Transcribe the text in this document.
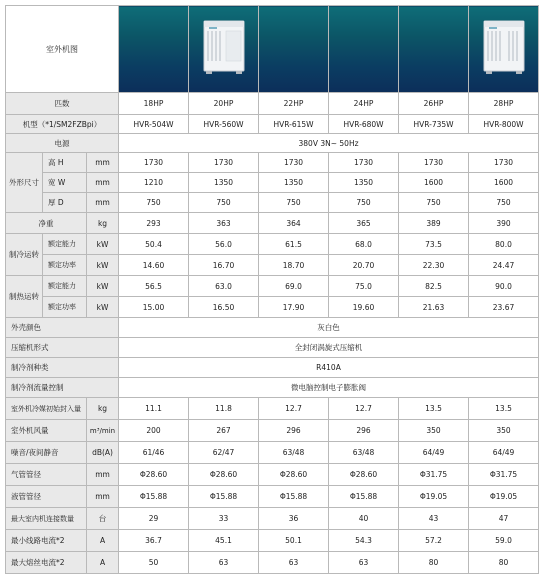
室外机图		

匹数			18HP	20HP	22HP	24HP	26HP	28HP
机型（*1/SM2FZBpi）			HVR-504W	HVR-560W	HVR-615W	HVR-680W	HVR-735W	HVR-800W
电源			380V 3N~ 50Hz					
外形尺寸	高 H	mm	1730	1730	1730	1730	1730	1730
	宽 W	mm	1210	1350	1350	1350	1600	1600
	厚 D	mm	750	750	750	750	750	750
净重		kg	293	363	364	365	389	390
制冷运转	额定能力	kW	50.4	56.0	61.5	68.0	73.5	80.0
	额定功率	kW	14.60	16.70	18.70	20.70	22.30	24.47
制热运转	额定能力	kW	56.5	63.0	69.0	75.0	82.5	90.0
	额定功率	kW	15.00	16.50	17.90	19.60	21.63	23.67
外壳颜色			灰白色					
压缩机形式			全封闭涡旋式压缩机					
制冷剂种类			R410A					
制冷剂流量控制			微电脑控制电子膨胀阀					
室外机冷媒初始封入量		kg	11.1	11.8	12.7	12.7	13.5	13.5
室外机风量		m³/min	200	267	296	296	350	350
噪音/夜间静音		dB(A)	61/46	62/47	63/48	63/48	64/49	64/49
气管管径		mm	Φ28.60	Φ28.60	Φ28.60	Φ28.60	Φ31.75	Φ31.75
液管管径		mm	Φ15.88	Φ15.88	Φ15.88	Φ15.88	Φ19.05	Φ19.05
最大室内机连接数量		台	29	33	36	40	43	47
最小线路电流*2		A	36.7	45.1	50.1	54.3	57.2	59.0
最大熔丝电流*2		A	50	63	63	63	80	80
